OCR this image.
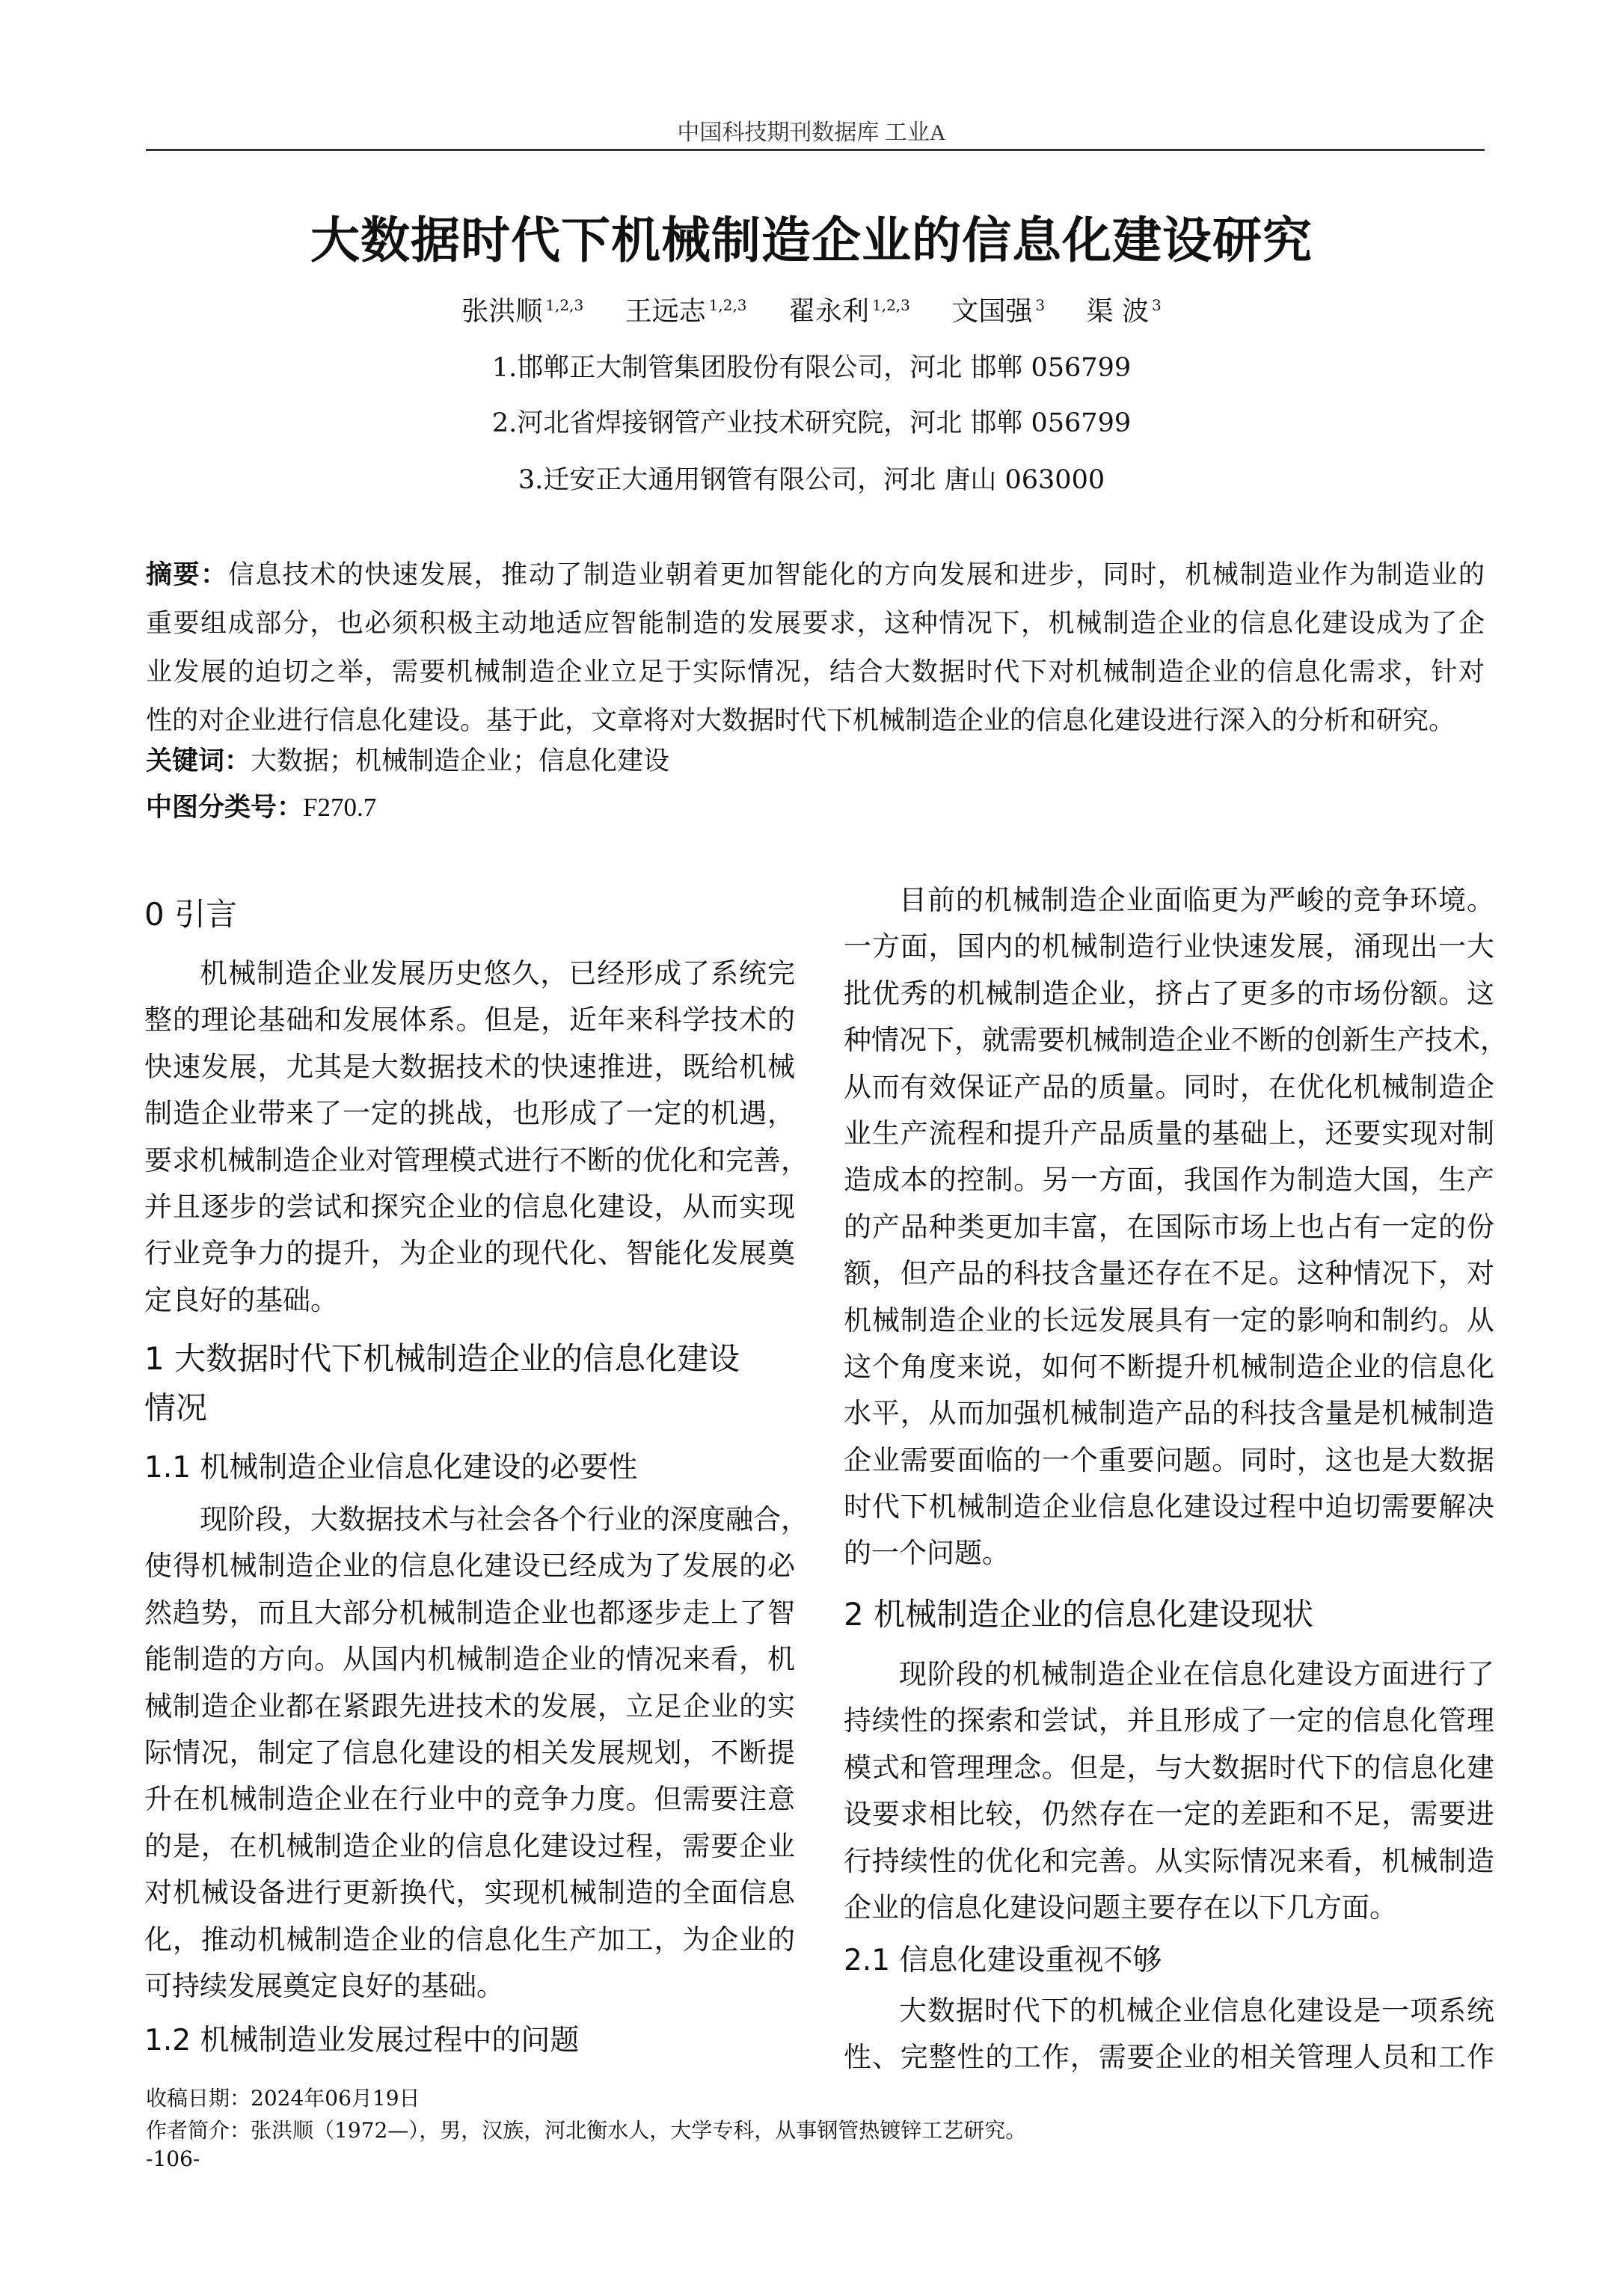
中国科技期刊数据库 工业A
大数据时代下机械制造企业的信息化建设研究
张洪顺 $^{1,2,3}$ 王远志 $^{1,2,3}$ 翟永利 $^{1,2,3}$ 文国强 $^3$ 渠 波 $^3$
1.邯郸正大制管集团股份有限公司，河北 邯郸 056799
2.河北省焊接钢管产业技术研究院，河北 邯郸 056799
3.迁安正大通用钢管有限公司，河北 唐山 063000
摘要：信息技术的快速发展，推动了制造业朝着更加智能化的方向发展和进步，同时，机械制造业作为制造业的
重要组成部分，也必须积极主动地适应智能制造的发展要求，这种情况下，机械制造企业的信息化建设成为了企
业发展的迫切之举，需要机械制造企业立足于实际情况，结合大数据时代下对机械制造企业的信息化需求，针对
性的对企业进行信息化建设。基于此，文章将对大数据时代下机械制造企业的信息化建设进行深入的分析和研究。
关键词：大数据；机械制造企业；信息化建设
中图分类号：F270.7
0 引言
机械制造企业发展历史悠久，已经形成了系统完
整的理论基础和发展体系。但是，近年来科学技术的
快速发展，尤其是大数据技术的快速推进，既给机械
制造企业带来了一定的挑战，也形成了一定的机遇，
要求机械制造企业对管理模式进行不断的优化和完善，
并且逐步的尝试和探究企业的信息化建设，从而实现
行业竞争力的提升，为企业的现代化、智能化发展奠
定良好的基础。
1 大数据时代下机械制造企业的信息化建设
情况
1.1 机械制造企业信息化建设的必要性
现阶段，大数据技术与社会各个行业的深度融合，
使得机械制造企业的信息化建设已经成为了发展的必
然趋势，而且大部分机械制造企业也都逐步走上了智
能制造的方向。从国内机械制造企业的情况来看，机
械制造企业都在紧跟先进技术的发展，立足企业的实
际情况，制定了信息化建设的相关发展规划，不断提
升在机械制造企业在行业中的竞争力度。但需要注意
的是，在机械制造企业的信息化建设过程，需要企业
对机械设备进行更新换代，实现机械制造的全面信息
化，推动机械制造企业的信息化生产加工，为企业的
可持续发展奠定良好的基础。
1.2 机械制造业发展过程中的问题
目前的机械制造企业面临更为严峻的竞争环境。
一方面，国内的机械制造行业快速发展，涌现出一大
批优秀的机械制造企业，挤占了更多的市场份额。这
种情况下，就需要机械制造企业不断的创新生产技术，
从而有效保证产品的质量。同时，在优化机械制造企
业生产流程和提升产品质量的基础上，还要实现对制
造成本的控制。另一方面，我国作为制造大国，生产
的产品种类更加丰富，在国际市场上也占有一定的份
额，但产品的科技含量还存在不足。这种情况下，对
机械制造企业的长远发展具有一定的影响和制约。从
这个角度来说，如何不断提升机械制造企业的信息化
水平，从而加强机械制造产品的科技含量是机械制造
企业需要面临的一个重要问题。同时，这也是大数据
时代下机械制造企业信息化建设过程中迫切需要解决
的一个问题。
2 机械制造企业的信息化建设现状
现阶段的机械制造企业在信息化建设方面进行了
持续性的探索和尝试，并且形成了一定的信息化管理
模式和管理理念。但是，与大数据时代下的信息化建
设要求相比较，仍然存在一定的差距和不足，需要进
行持续性的优化和完善。从实际情况来看，机械制造
企业的信息化建设问题主要存在以下几方面。
2.1 信息化建设重视不够
大数据时代下的机械企业信息化建设是一项系统
性、完整性的工作，需要企业的相关管理人员和工作
收稿日期：2024年06月19日
作者简介：张洪顺（1972—），男，汉族，河北衡水人，大学专科，从事钢管热镀锌工艺研究。
-106-
